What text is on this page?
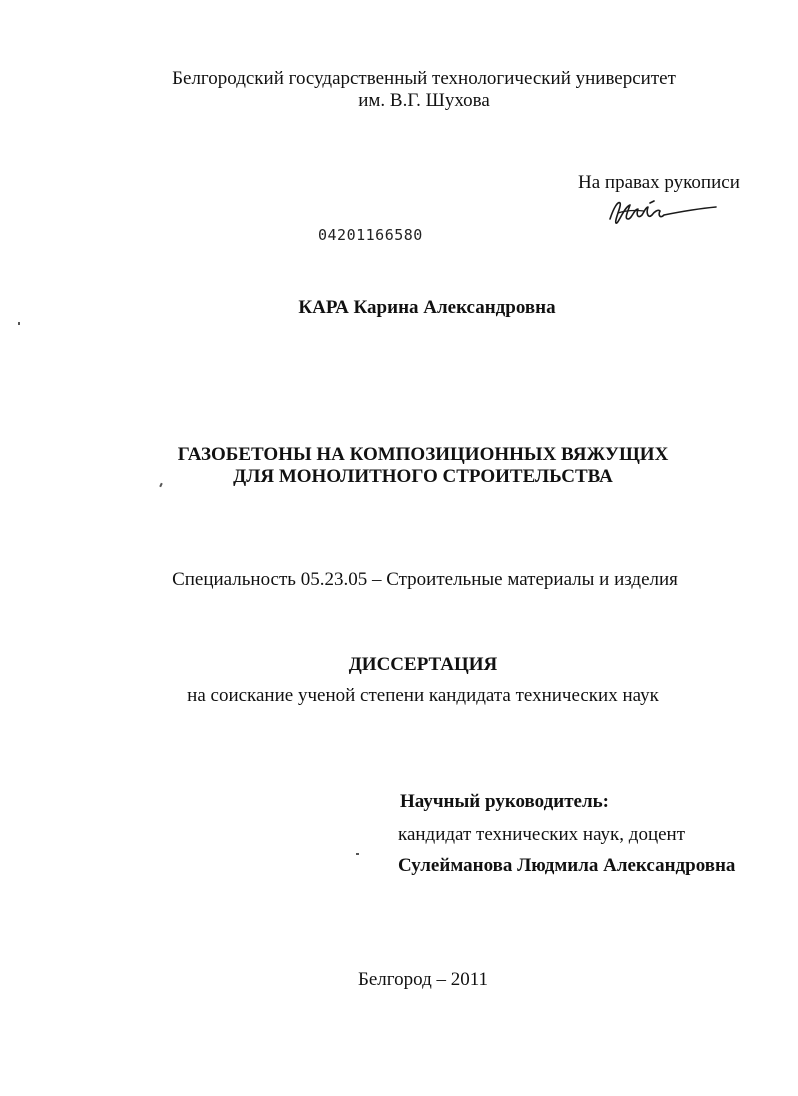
Белгородский государственный технологический университет
им. В.Г. Шухова
На правах рукописи
04201166580
КАРА Карина Александровна
ГАЗОБЕТОНЫ НА КОМПОЗИЦИОННЫХ ВЯЖУЩИХ
ДЛЯ МОНОЛИТНОГО СТРОИТЕЛЬСТВА
Специальность 05.23.05 – Строительные материалы и изделия
ДИССЕРТАЦИЯ
на соискание ученой степени кандидата технических наук
Научный руководитель:
кандидат технических наук, доцент
Сулейманова Людмила Александровна
Белгород – 2011
